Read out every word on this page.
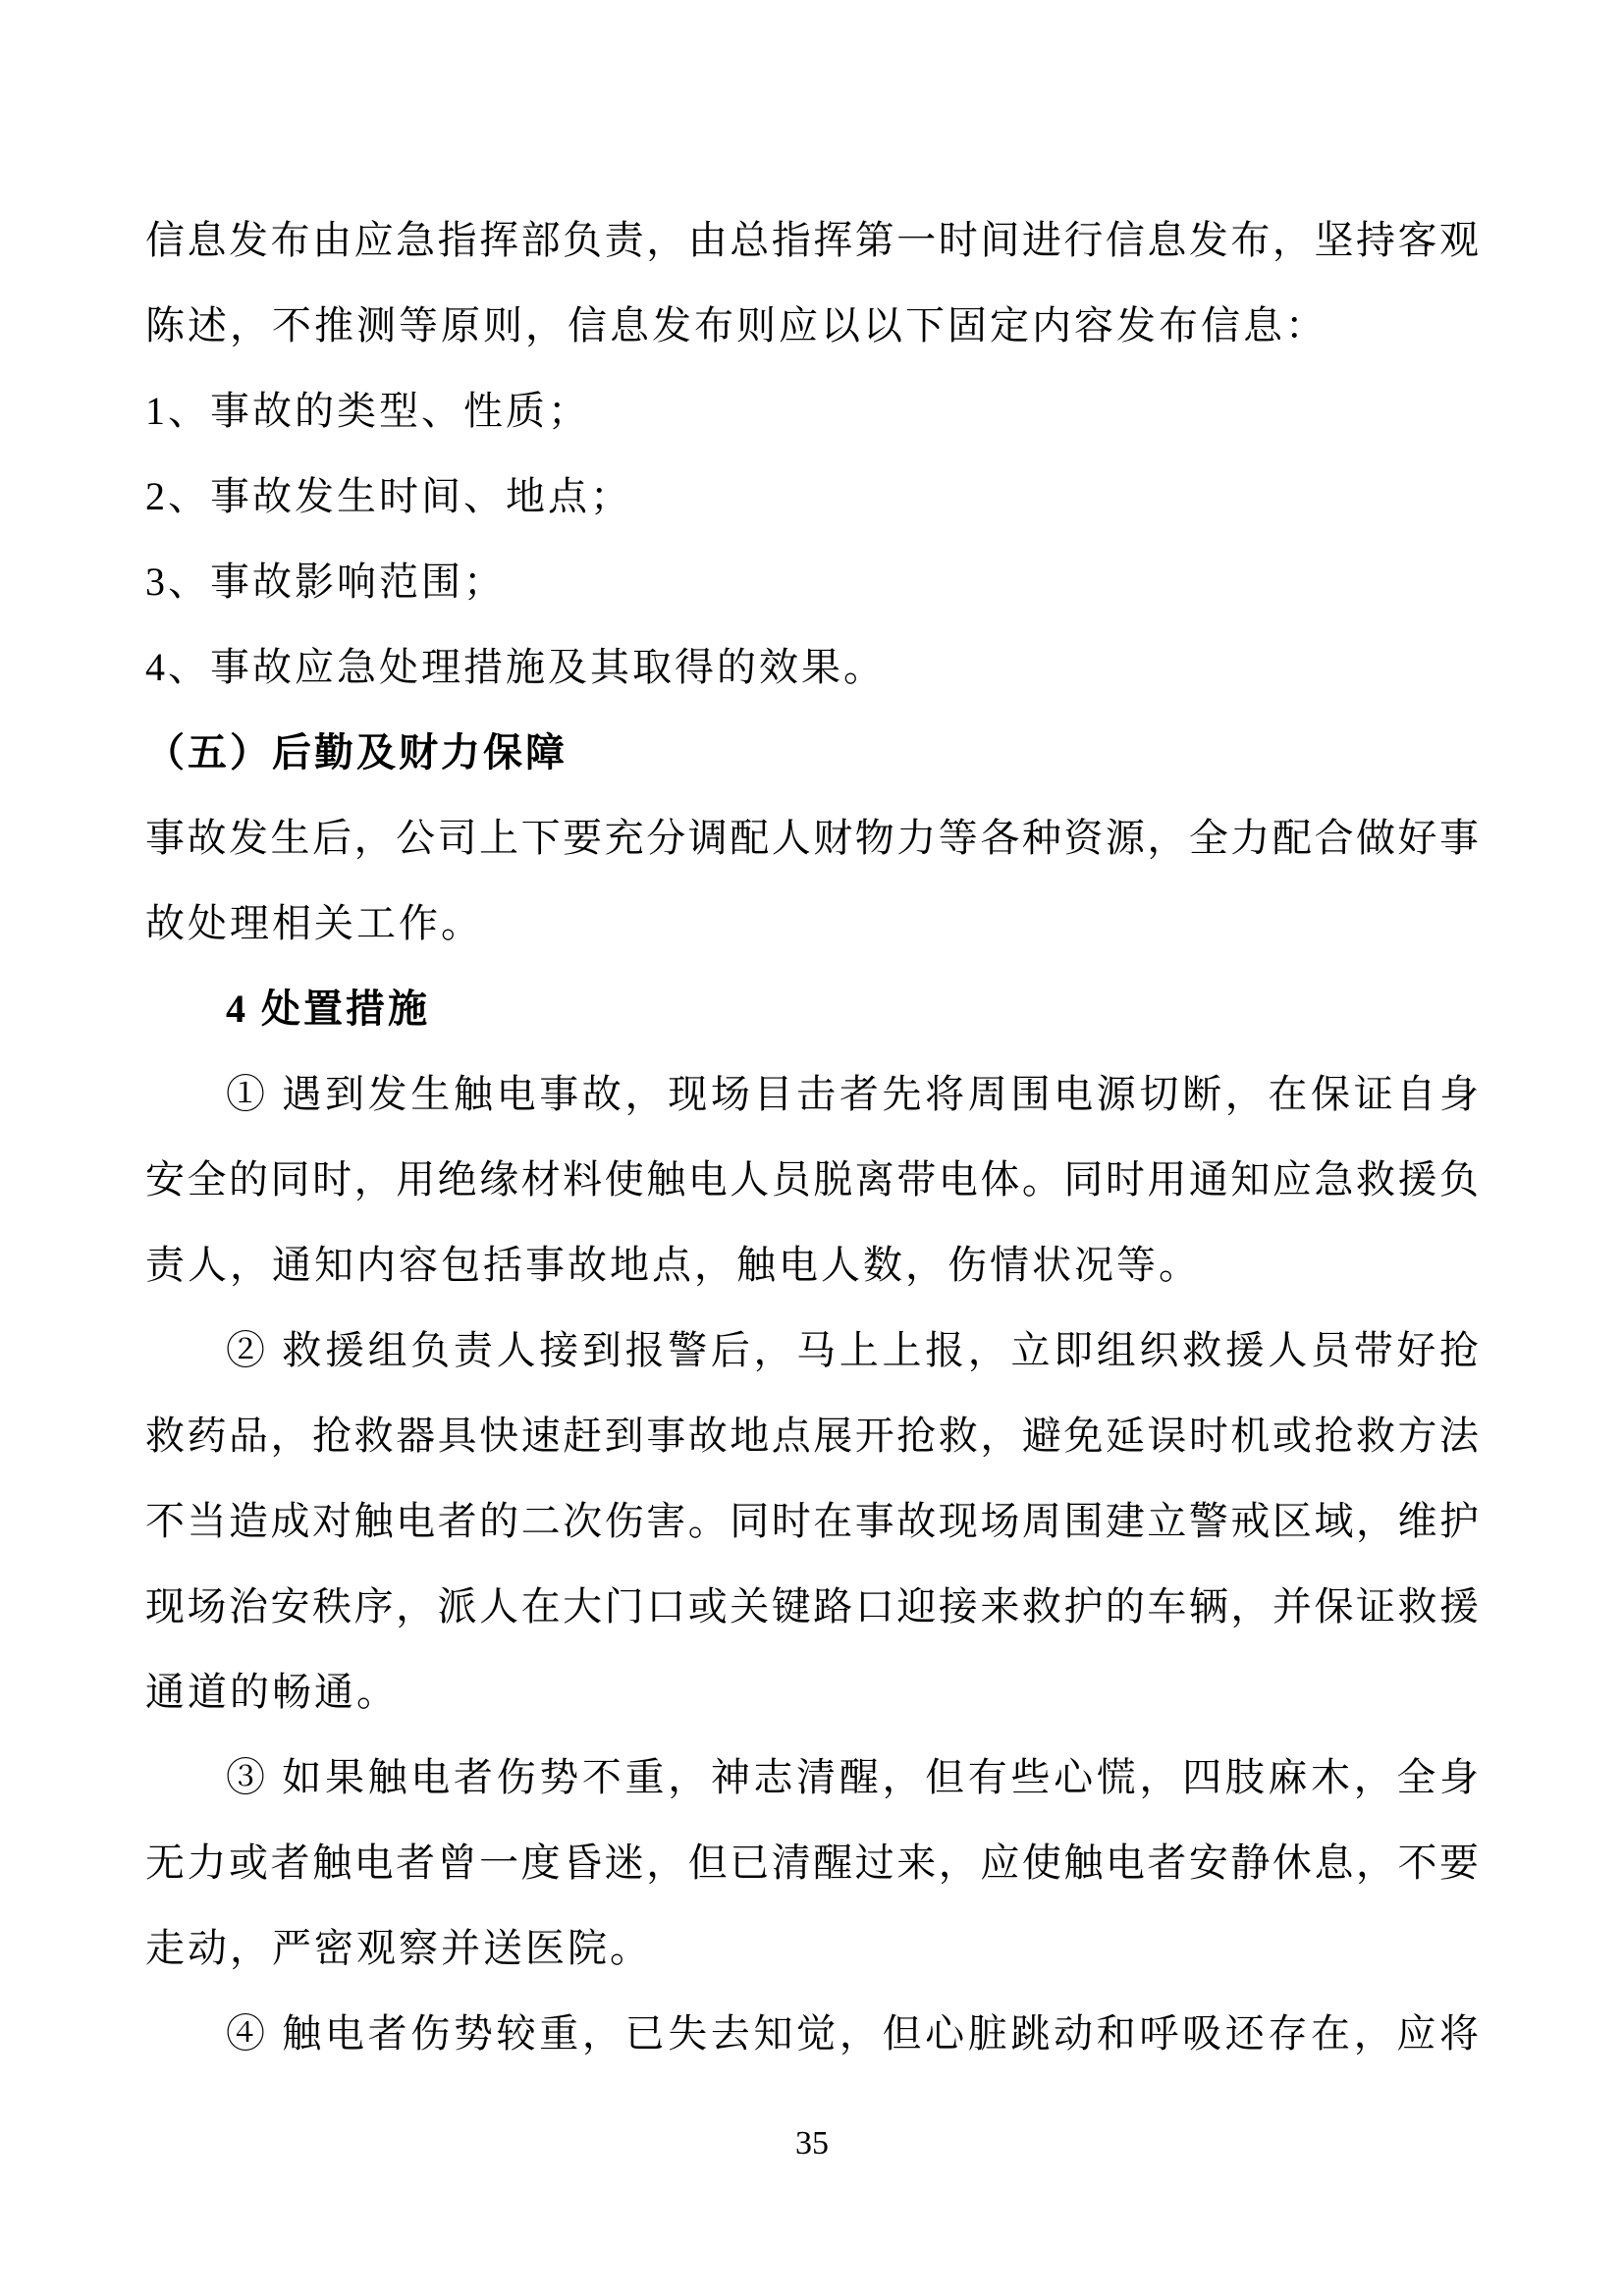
信息发布由应急指挥部负责，由总指挥第一时间进行信息发布，坚持客观
陈述，不推测等原则，信息发布则应以以下固定内容发布信息：
1、事故的类型、性质；
2、事故发生时间、地点；
3、事故影响范围；
4、事故应急处理措施及其取得的效果。
（五）后勤及财力保障
事故发生后，公司上下要充分调配人财物力等各种资源，全力配合做好事
故处理相关工作。
4 处置措施
① 遇到发生触电事故，现场目击者先将周围电源切断，在保证自身
安全的同时，用绝缘材料使触电人员脱离带电体。同时用通知应急救援负
责人，通知内容包括事故地点，触电人数，伤情状况等。
② 救援组负责人接到报警后，马上上报，立即组织救援人员带好抢
救药品，抢救器具快速赶到事故地点展开抢救，避免延误时机或抢救方法
不当造成对触电者的二次伤害。同时在事故现场周围建立警戒区域，维护
现场治安秩序，派人在大门口或关键路口迎接来救护的车辆，并保证救援
通道的畅通。
③ 如果触电者伤势不重，神志清醒，但有些心慌，四肢麻木，全身
无力或者触电者曾一度昏迷，但已清醒过来，应使触电者安静休息，不要
走动，严密观察并送医院。
④ 触电者伤势较重，已失去知觉，但心脏跳动和呼吸还存在，应将
35
